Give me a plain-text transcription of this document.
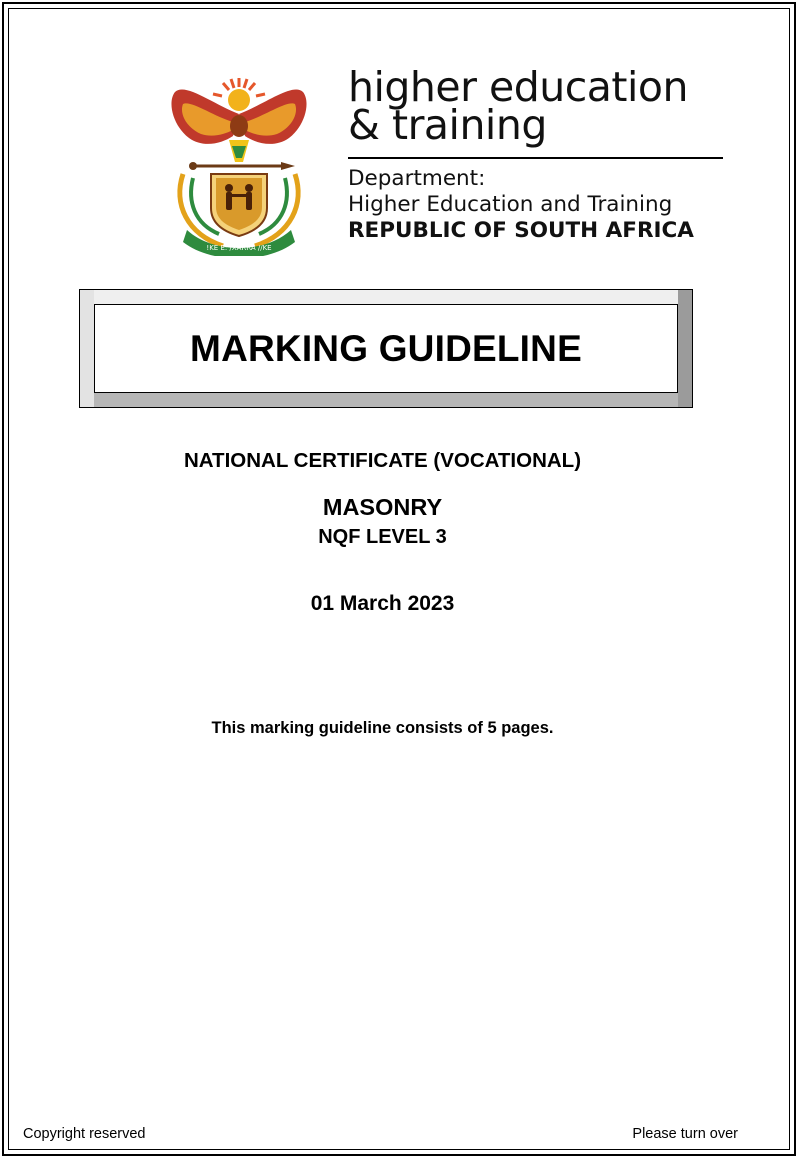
!KE E: /XARRA //KE
higher education
& training
Department:
Higher Education and Training
REPUBLIC OF SOUTH AFRICA
MARKING GUIDELINE
NATIONAL CERTIFICATE (VOCATIONAL)
MASONRY
NQF LEVEL 3
01 March 2023
This marking guideline consists of 5 pages.
Copyright reserved	Please turn over
